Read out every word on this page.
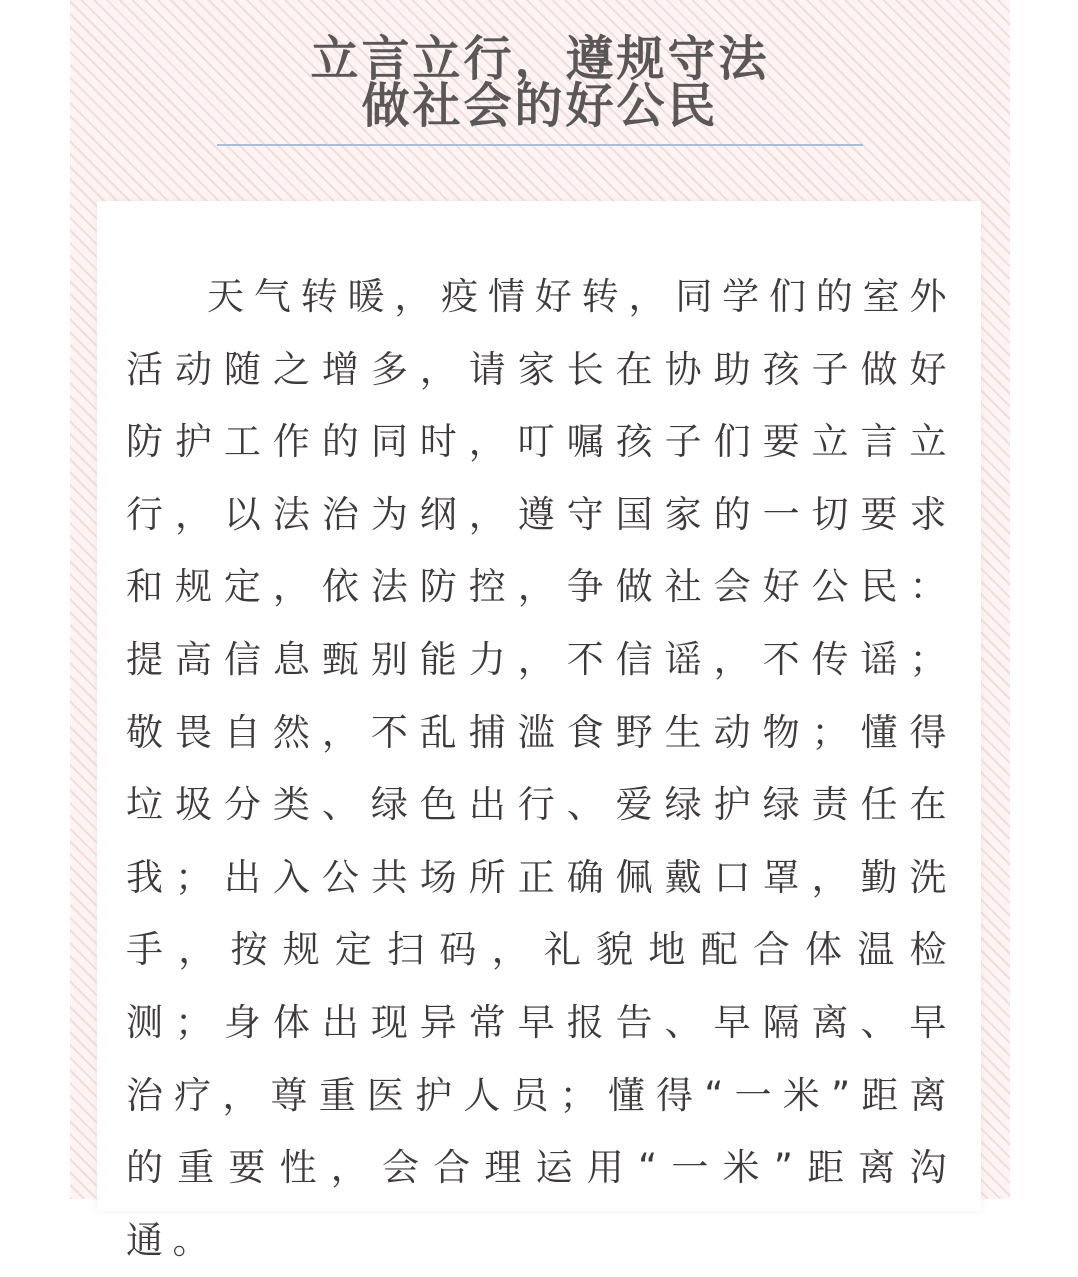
立言立行，遵规守法
做社会的好公民

天气转暖，疫情好转，同学们的室外活动随之增多，请家长在协助孩子做好防护工作的同时，叮嘱孩子们要立言立行，以法治为纲，遵守国家的一切要求和规定，依法防控，争做社会好公民：提高信息甄别能力，不信谣，不传谣；敬畏自然，不乱捕滥食野生动物；懂得垃圾分类、绿色出行、爱绿护绿责任在我；出入公共场所正确佩戴口罩，勤洗手，按规定扫码，礼貌地配合体温检测；身体出现异常早报告、早隔离、早治疗，尊重医护人员；懂得“一米”距离的重要性，会合理运用“一米”距离沟通。
